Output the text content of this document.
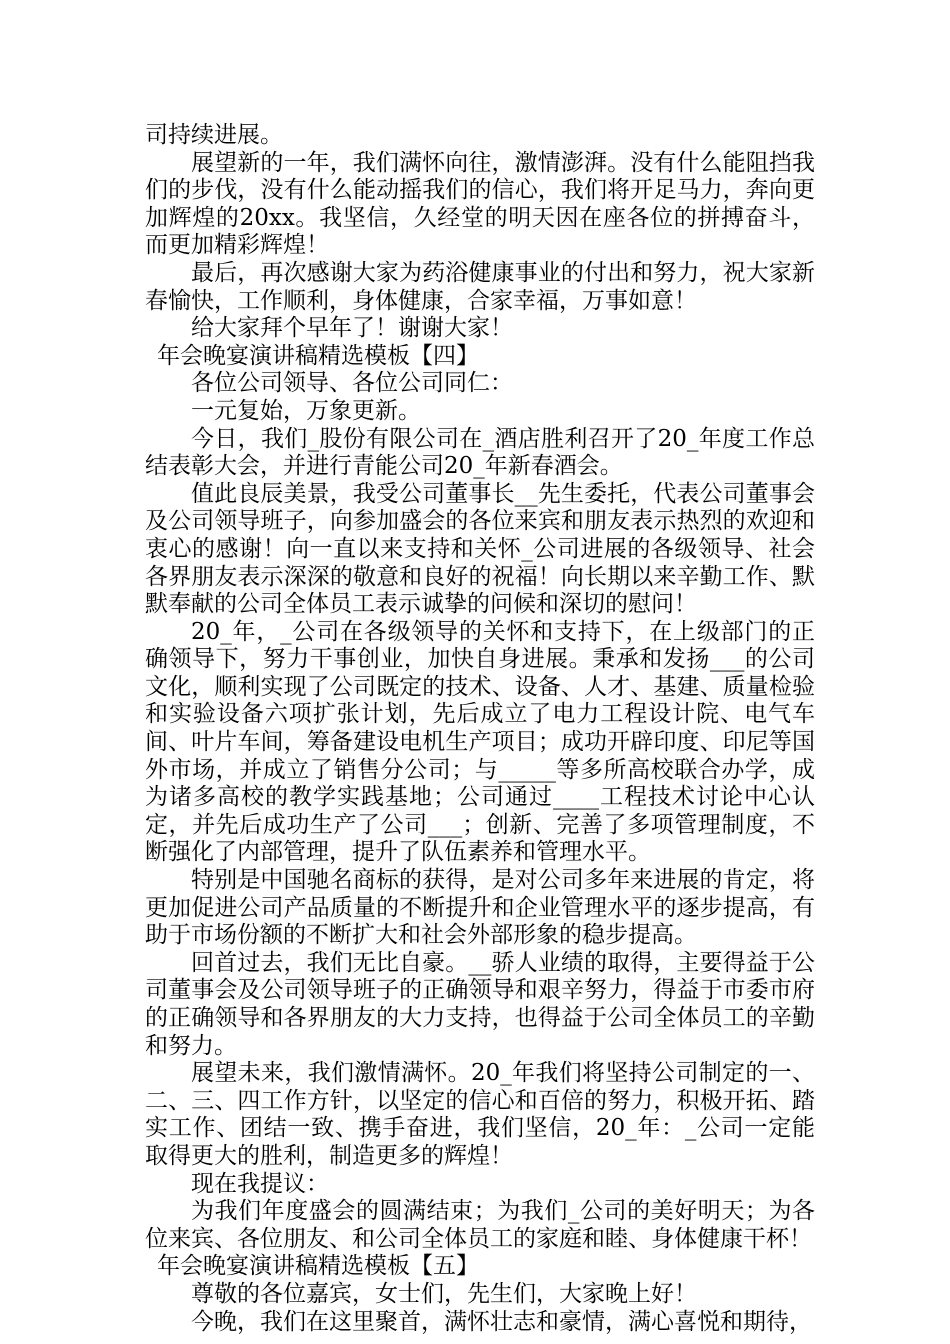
司持续进展。

展望新的一年，我们满怀向往，激情澎湃。没有什么能阻挡我们的步伐，没有什么能动摇我们的信心，我们将开足马力，奔向更加辉煌的20xx。我坚信，久经堂的明天因在座各位的拼搏奋斗，而更加精彩辉煌！

最后，再次感谢大家为药浴健康事业的付出和努力，祝大家新春愉快，工作顺利，身体健康，合家幸福，万事如意！

给大家拜个早年了！谢谢大家！

年会晚宴演讲稿精选模板【四】

各位公司领导、各位公司同仁：

一元复始，万象更新。

今日，我们_股份有限公司在_酒店胜利召开了20_年度工作总结表彰大会，并进行青能公司20_年新春酒会。

值此良辰美景，我受公司董事长__先生委托，代表公司董事会及公司领导班子，向参加盛会的各位来宾和朋友表示热烈的欢迎和衷心的感谢！向一直以来支持和关怀_公司进展的各级领导、社会各界朋友表示深深的敬意和良好的祝福！向长期以来辛勤工作、默默奉献的公司全体员工表示诚挚的问候和深切的慰问！

20_年，_公司在各级领导的关怀和支持下，在上级部门的正确领导下，努力干事创业，加快自身进展。秉承和发扬___的公司文化，顺利实现了公司既定的技术、设备、人才、基建、质量检验和实验设备六项扩张计划，先后成立了电力工程设计院、电气车间、叶片车间，筹备建设电机生产项目；成功开辟印度、印尼等国外市场，并成立了销售分公司；与_____等多所高校联合办学，成为诸多高校的教学实践基地；公司通过____工程技术讨论中心认定，并先后成功生产了公司___；创新、完善了多项管理制度，不断强化了内部管理，提升了队伍素养和管理水平。

特别是中国驰名商标的获得，是对公司多年来进展的肯定，将更加促进公司产品质量的不断提升和企业管理水平的逐步提高，有助于市场份额的不断扩大和社会外部形象的稳步提高。

回首过去，我们无比自豪。__骄人业绩的取得，主要得益于公司董事会及公司领导班子的正确领导和艰辛努力，得益于市委市府的正确领导和各界朋友的大力支持，也得益于公司全体员工的辛勤和努力。

展望未来，我们激情满怀。20_年我们将坚持公司制定的一、二、三、四工作方针，以坚定的信心和百倍的努力，积极开拓、踏实工作、团结一致、携手奋进，我们坚信，20_年：_公司一定能取得更大的胜利，制造更多的辉煌！

现在我提议：

为我们年度盛会的圆满结束；为我们_公司的美好明天；为各位来宾、各位朋友、和公司全体员工的家庭和睦、身体健康干杯！

年会晚宴演讲稿精选模板【五】

尊敬的各位嘉宾，女士们，先生们，大家晚上好！

今晚，我们在这里聚首，满怀壮志和豪情，满心喜悦和期待，
